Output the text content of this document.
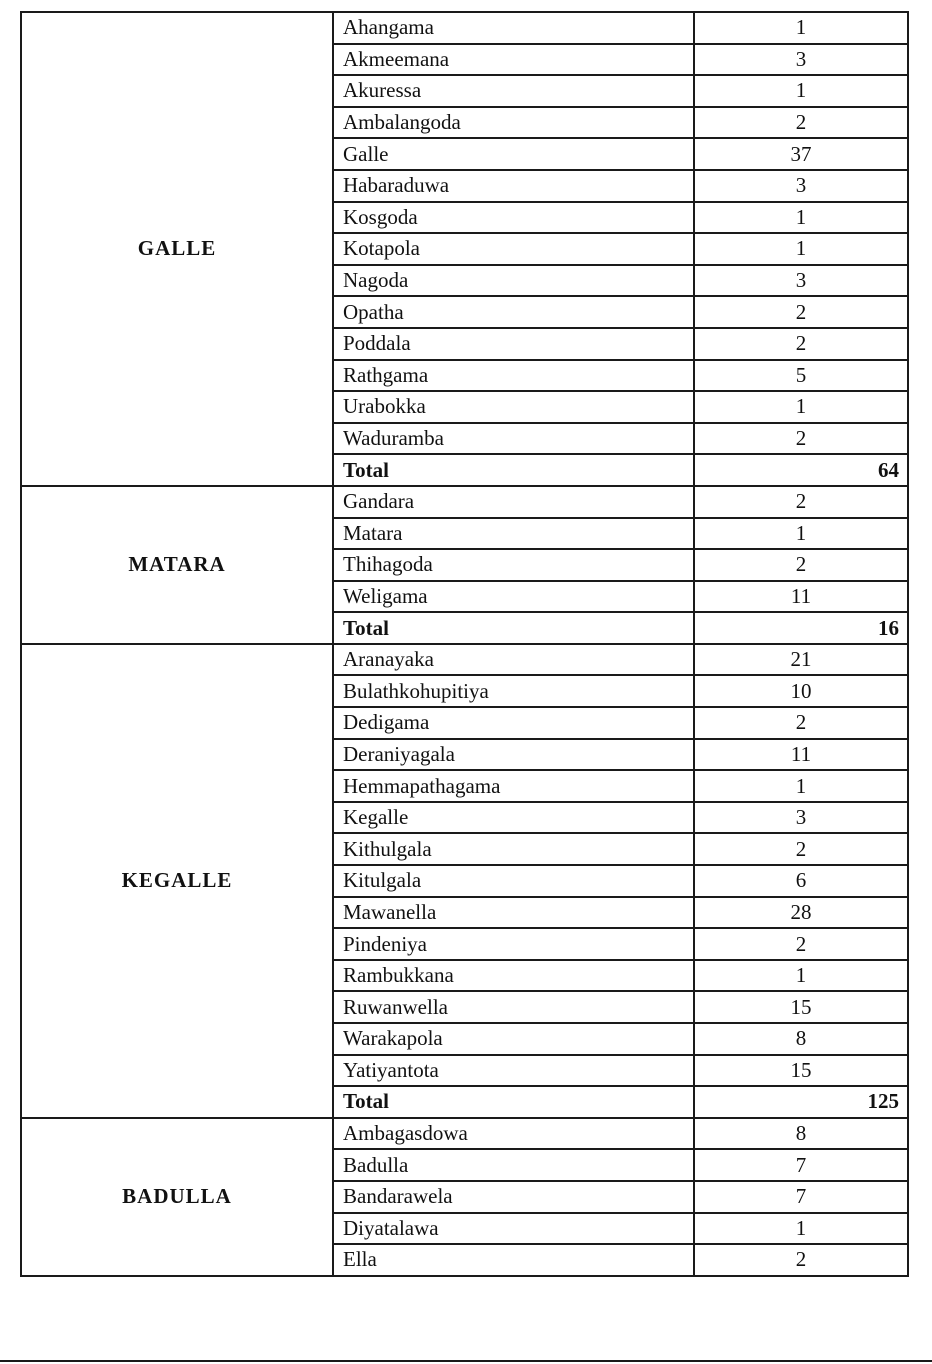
GALLE	Ahangama	1
	Akmeemana	3
	Akuressa	1
	Ambalangoda	2
	Galle	37
	Habaraduwa	3
	Kosgoda	1
	Kotapola	1
	Nagoda	3
	Opatha	2
	Poddala	2
	Rathgama	5
	Urabokka	1
	Waduramba	2
	Total	64
MATARA	Gandara	2
	Matara	1
	Thihagoda	2
	Weligama	11
	Total	16
KEGALLE	Aranayaka	21
	Bulathkohupitiya	10
	Dedigama	2
	Deraniyagala	11
	Hemmapathagama	1
	Kegalle	3
	Kithulgala	2
	Kitulgala	6
	Mawanella	28
	Pindeniya	2
	Rambukkana	1
	Ruwanwella	15
	Warakapola	8
	Yatiyantota	15
	Total	125
BADULLA	Ambagasdowa	8
	Badulla	7
	Bandarawela	7
	Diyatalawa	1
	Ella	2
